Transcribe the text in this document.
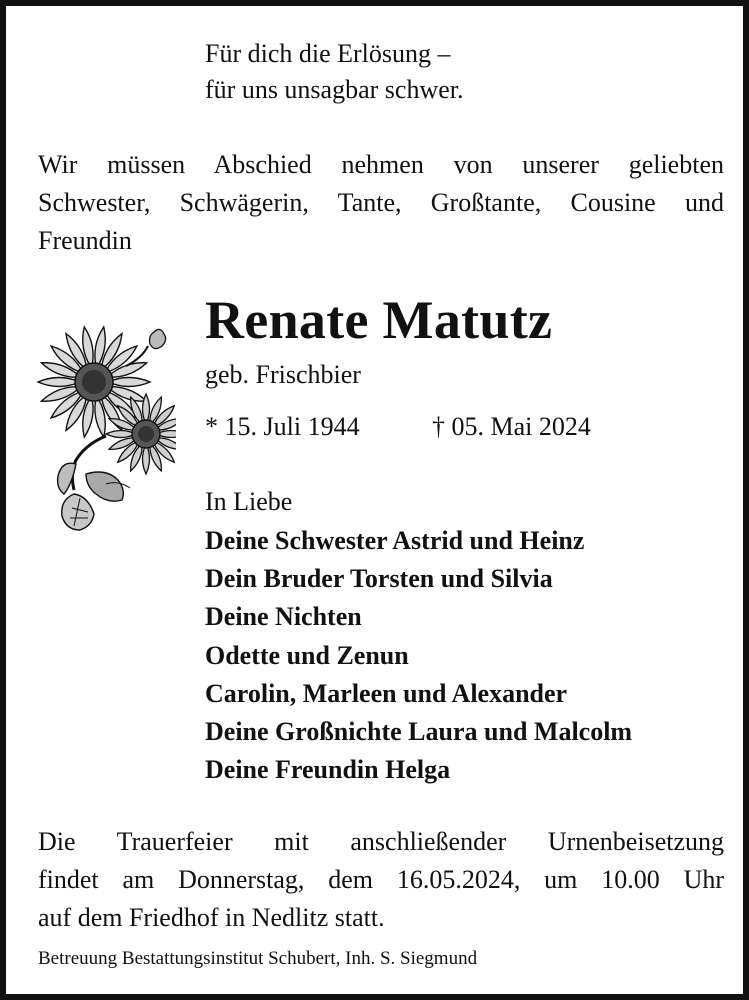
Für dich die Erlösung –
für uns unsagbar schwer.
Wir müssen Abschied nehmen von unserer geliebten
Schwester, Schwägerin, Tante, Großtante, Cousine und
Freundin
Renate Matutz
geb. Frischbier
* 15. Juli 1944	† 05. Mai 2024
In Liebe
Deine Schwester Astrid und Heinz
Dein Bruder Torsten und Silvia
Deine Nichten
Odette und Zenun
Carolin, Marleen und Alexander
Deine Großnichte Laura und Malcolm
Deine Freundin Helga
Die Trauerfeier mit anschließender Urnenbeisetzung
findet am Donnerstag, dem 16.05.2024, um 10.00 Uhr
auf dem Friedhof in Nedlitz statt.
Betreuung Bestattungsinstitut Schubert, Inh. S. Siegmund
